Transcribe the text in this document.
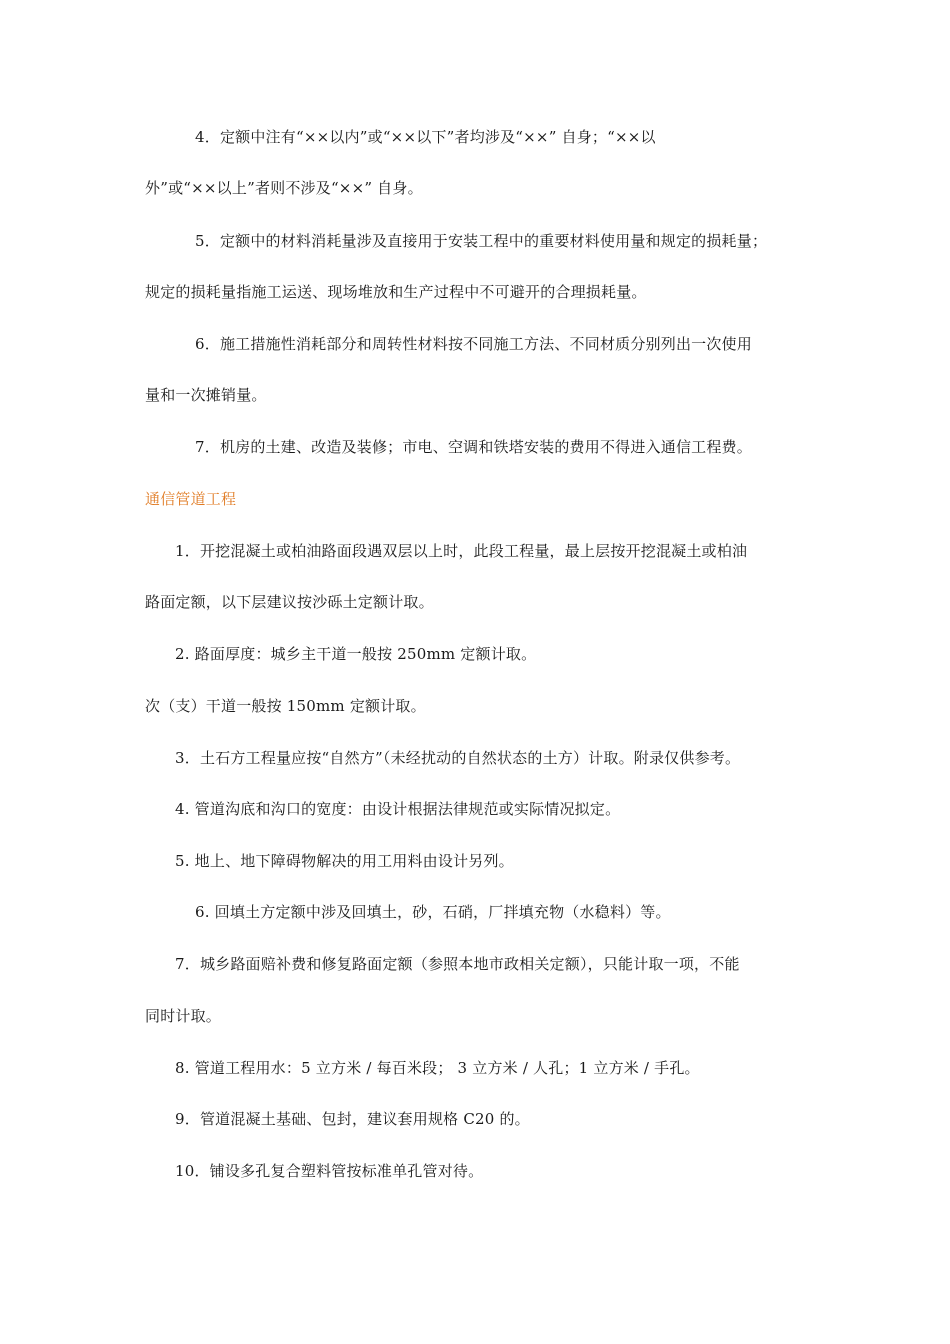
4．定额中注有“××以内”或“××以下”者均涉及“××” 自身；“××以
外”或“××以上”者则不涉及“××” 自身。
5．定额中的材料消耗量涉及直接用于安装工程中的重要材料使用量和规定的损耗量；
规定的损耗量指施工运送、现场堆放和生产过程中不可避开的合理损耗量。
6．施工措施性消耗部分和周转性材料按不同施工方法、不同材质分别列出一次使用
量和一次摊销量。
7．机房的土建、改造及装修；市电、空调和铁塔安装的费用不得进入通信工程费。
通信管道工程
1．开挖混凝土或柏油路面段遇双层以上时，此段工程量，最上层按开挖混凝土或柏油
路面定额，以下层建议按沙砾土定额计取。
2. 路面厚度：城乡主干道一般按 250mm 定额计取。
次（支）干道一般按 150mm 定额计取。
3．土石方工程量应按“自然方”（未经扰动的自然状态的土方）计取。附录仅供参考。
4. 管道沟底和沟口的宽度：由设计根据法律规范或实际情况拟定。
5. 地上、地下障碍物解决的用工用料由设计另列。
6. 回填土方定额中涉及回填土，砂，石硝，厂拌填充物（水稳料）等。
7．城乡路面赔补费和修复路面定额（参照本地市政相关定额），只能计取一项，不能
同时计取。
8. 管道工程用水：5 立方米 / 每百米段； 3 立方米 / 人孔；1 立方米 / 手孔。
9．管道混凝土基础、包封，建议套用规格 C20 的。
10．铺设多孔复合塑料管按标准单孔管对待。
